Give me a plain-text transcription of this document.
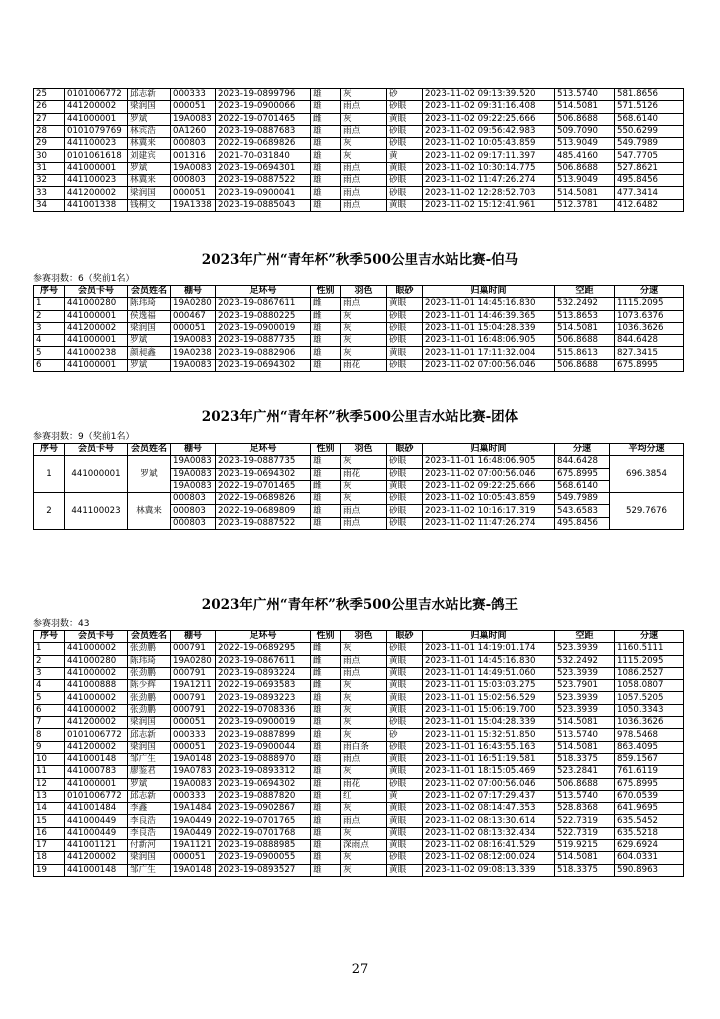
25	0101006772	邱志新	000333	2023-19-0899796	雄	灰	砂	2023-11-02 09:13:39.520	513.5740	581.8656
26	441200002	梁润国	000051	2023-19-0900066	雄	雨点	砂眼	2023-11-02 09:31:16.408	514.5081	571.5126
27	441000001	罗斌	19A0083	2022-19-0701465	雌	灰	黄眼	2023-11-02 09:22:25.666	506.8688	568.6140
28	0101079769	林宾浩	0A1260	2023-19-0887683	雄	雨点	砂眼	2023-11-02 09:56:42.983	509.7090	550.6299
29	441100023	林冀来	000803	2022-19-0689826	雄	灰	砂眼	2023-11-02 10:05:43.859	513.9049	549.7989
30	0101061618	刘建宾	001316	2021-70-031840	雄	灰	黄	2023-11-02 09:17:11.397	485.4160	547.7705
31	441000001	罗斌	19A0083	2023-19-0694301	雄	雨点	黄眼	2023-11-02 10:30:14.775	506.8688	527.8621
32	441100023	林冀来	000803	2023-19-0887522	雄	雨点	砂眼	2023-11-02 11:47:26.274	513.9049	495.8456
33	441200002	梁润国	000051	2023-19-0900041	雄	雨点	砂眼	2023-11-02 12:28:52.703	514.5081	477.3414
34	441001338	钱桐文	19A1338	2023-19-0885043	雄	雨点	黄眼	2023-11-02 15:12:41.961	512.3781	412.6482
2023年广州“青年杯”秋季500公里吉水站比赛-伯马
参赛羽数：6（奖前1名）
序号	会员卡号	会员姓名	棚号	足环号	性别	羽色	眼砂	归巢时间	空距	分速
1	441000280	陈玮琦	19A0280	2023-19-0867611	雌	雨点	黄眼	2023-11-01 14:45:16.830	532.2492	1115.2095
2	441000001	侯逸福	000467	2023-19-0880225	雌	灰	砂眼	2023-11-01 14:46:39.365	513.8653	1073.6376
3	441200002	梁润国	000051	2023-19-0900019	雄	灰	砂眼	2023-11-01 15:04:28.339	514.5081	1036.3626
4	441000001	罗斌	19A0083	2023-19-0887735	雄	灰	砂眼	2023-11-01 16:48:06.905	506.8688	844.6428
5	441000238	颜昶鑫	19A0238	2023-19-0882906	雄	灰	黄眼	2023-11-01 17:11:32.004	515.8613	827.3415
6	441000001	罗斌	19A0083	2023-19-0694302	雄	雨花	砂眼	2023-11-02 07:00:56.046	506.8688	675.8995
2023年广州“青年杯”秋季500公里吉水站比赛-团体
参赛羽数：9（奖前1名）
序号	会员卡号	会员姓名	棚号	足环号	性别	羽色	眼砂	归巢时间	分速	平均分速
1	441000001	罗斌	19A0083	2023-19-0887735	雄	灰	砂眼	2023-11-01 16:48:06.905	844.6428	696.3854
			19A0083	2023-19-0694302	雄	雨花	砂眼	2023-11-02 07:00:56.046	675.8995	
			19A0083	2022-19-0701465	雌	灰	黄眼	2023-11-02 09:22:25.666	568.6140	
2	441100023	林冀来	000803	2022-19-0689826	雄	灰	砂眼	2023-11-02 10:05:43.859	549.7989	529.7676
			000803	2022-19-0689809	雄	雨点	砂眼	2023-11-02 10:16:17.319	543.6583	
			000803	2023-19-0887522	雄	雨点	砂眼	2023-11-02 11:47:26.274	495.8456	
2023年广州“青年杯”秋季500公里吉水站比赛-鸽王
参赛羽数：43
序号	会员卡号	会员姓名	棚号	足环号	性别	羽色	眼砂	归巢时间	空距	分速
1	441000002	张劲鹏	000791	2022-19-0689295	雌	灰	砂眼	2023-11-01 14:19:01.174	523.3939	1160.5111
2	441000280	陈玮琦	19A0280	2023-19-0867611	雌	雨点	黄眼	2023-11-01 14:45:16.830	532.2492	1115.2095
3	441000002	张劲鹏	000791	2023-19-0893224	雌	雨点	黄眼	2023-11-01 14:49:51.060	523.3939	1086.2527
4	441000888	陈少辉	19A1211	2022-19-0693583	雌	灰	黄眼	2023-11-01 15:03:03.275	523.7901	1058.0807
5	441000002	张劲鹏	000791	2023-19-0893223	雄	灰	黄眼	2023-11-01 15:02:56.529	523.3939	1057.5205
6	441000002	张劲鹏	000791	2022-19-0708336	雄	灰	黄眼	2023-11-01 15:06:19.700	523.3939	1050.3343
7	441200002	梁润国	000051	2023-19-0900019	雄	灰	砂眼	2023-11-01 15:04:28.339	514.5081	1036.3626
8	0101006772	邱志新	000333	2023-19-0887899	雄	灰	砂	2023-11-01 15:32:51.850	513.5740	978.5468
9	441200002	梁润国	000051	2023-19-0900044	雄	雨白条	砂眼	2023-11-01 16:43:55.163	514.5081	863.4095
10	441000148	邹广生	19A0148	2023-19-0888970	雄	雨点	黄眼	2023-11-01 16:51:19.581	518.3375	859.1567
11	441000783	廖鉴君	19A0783	2023-19-0893312	雄	灰	黄眼	2023-11-01 18:15:05.469	523.2841	761.6119
12	441000001	罗斌	19A0083	2023-19-0694302	雄	雨花	砂眼	2023-11-02 07:00:56.046	506.8688	675.8995
13	0101006772	邱志新	000333	2023-19-0887820	雄	红	黄	2023-11-02 07:17:29.437	513.5740	670.0539
14	441001484	李鑫	19A1484	2023-19-0902867	雄	灰	黄眼	2023-11-02 08:14:47.353	528.8368	641.9695
15	441000449	李良浩	19A0449	2022-19-0701765	雄	雨点	黄眼	2023-11-02 08:13:30.614	522.7319	635.5452
16	441000449	李良浩	19A0449	2022-19-0701768	雄	灰	黄眼	2023-11-02 08:13:32.434	522.7319	635.5218
17	441001121	付新河	19A1121	2023-19-0888985	雄	深雨点	黄眼	2023-11-02 08:16:41.529	519.9215	629.6924
18	441200002	梁润国	000051	2023-19-0900055	雄	灰	砂眼	2023-11-02 08:12:00.024	514.5081	604.0331
19	441000148	邹广生	19A0148	2023-19-0893527	雄	灰	黄眼	2023-11-02 09:08:13.339	518.3375	590.8963
27
